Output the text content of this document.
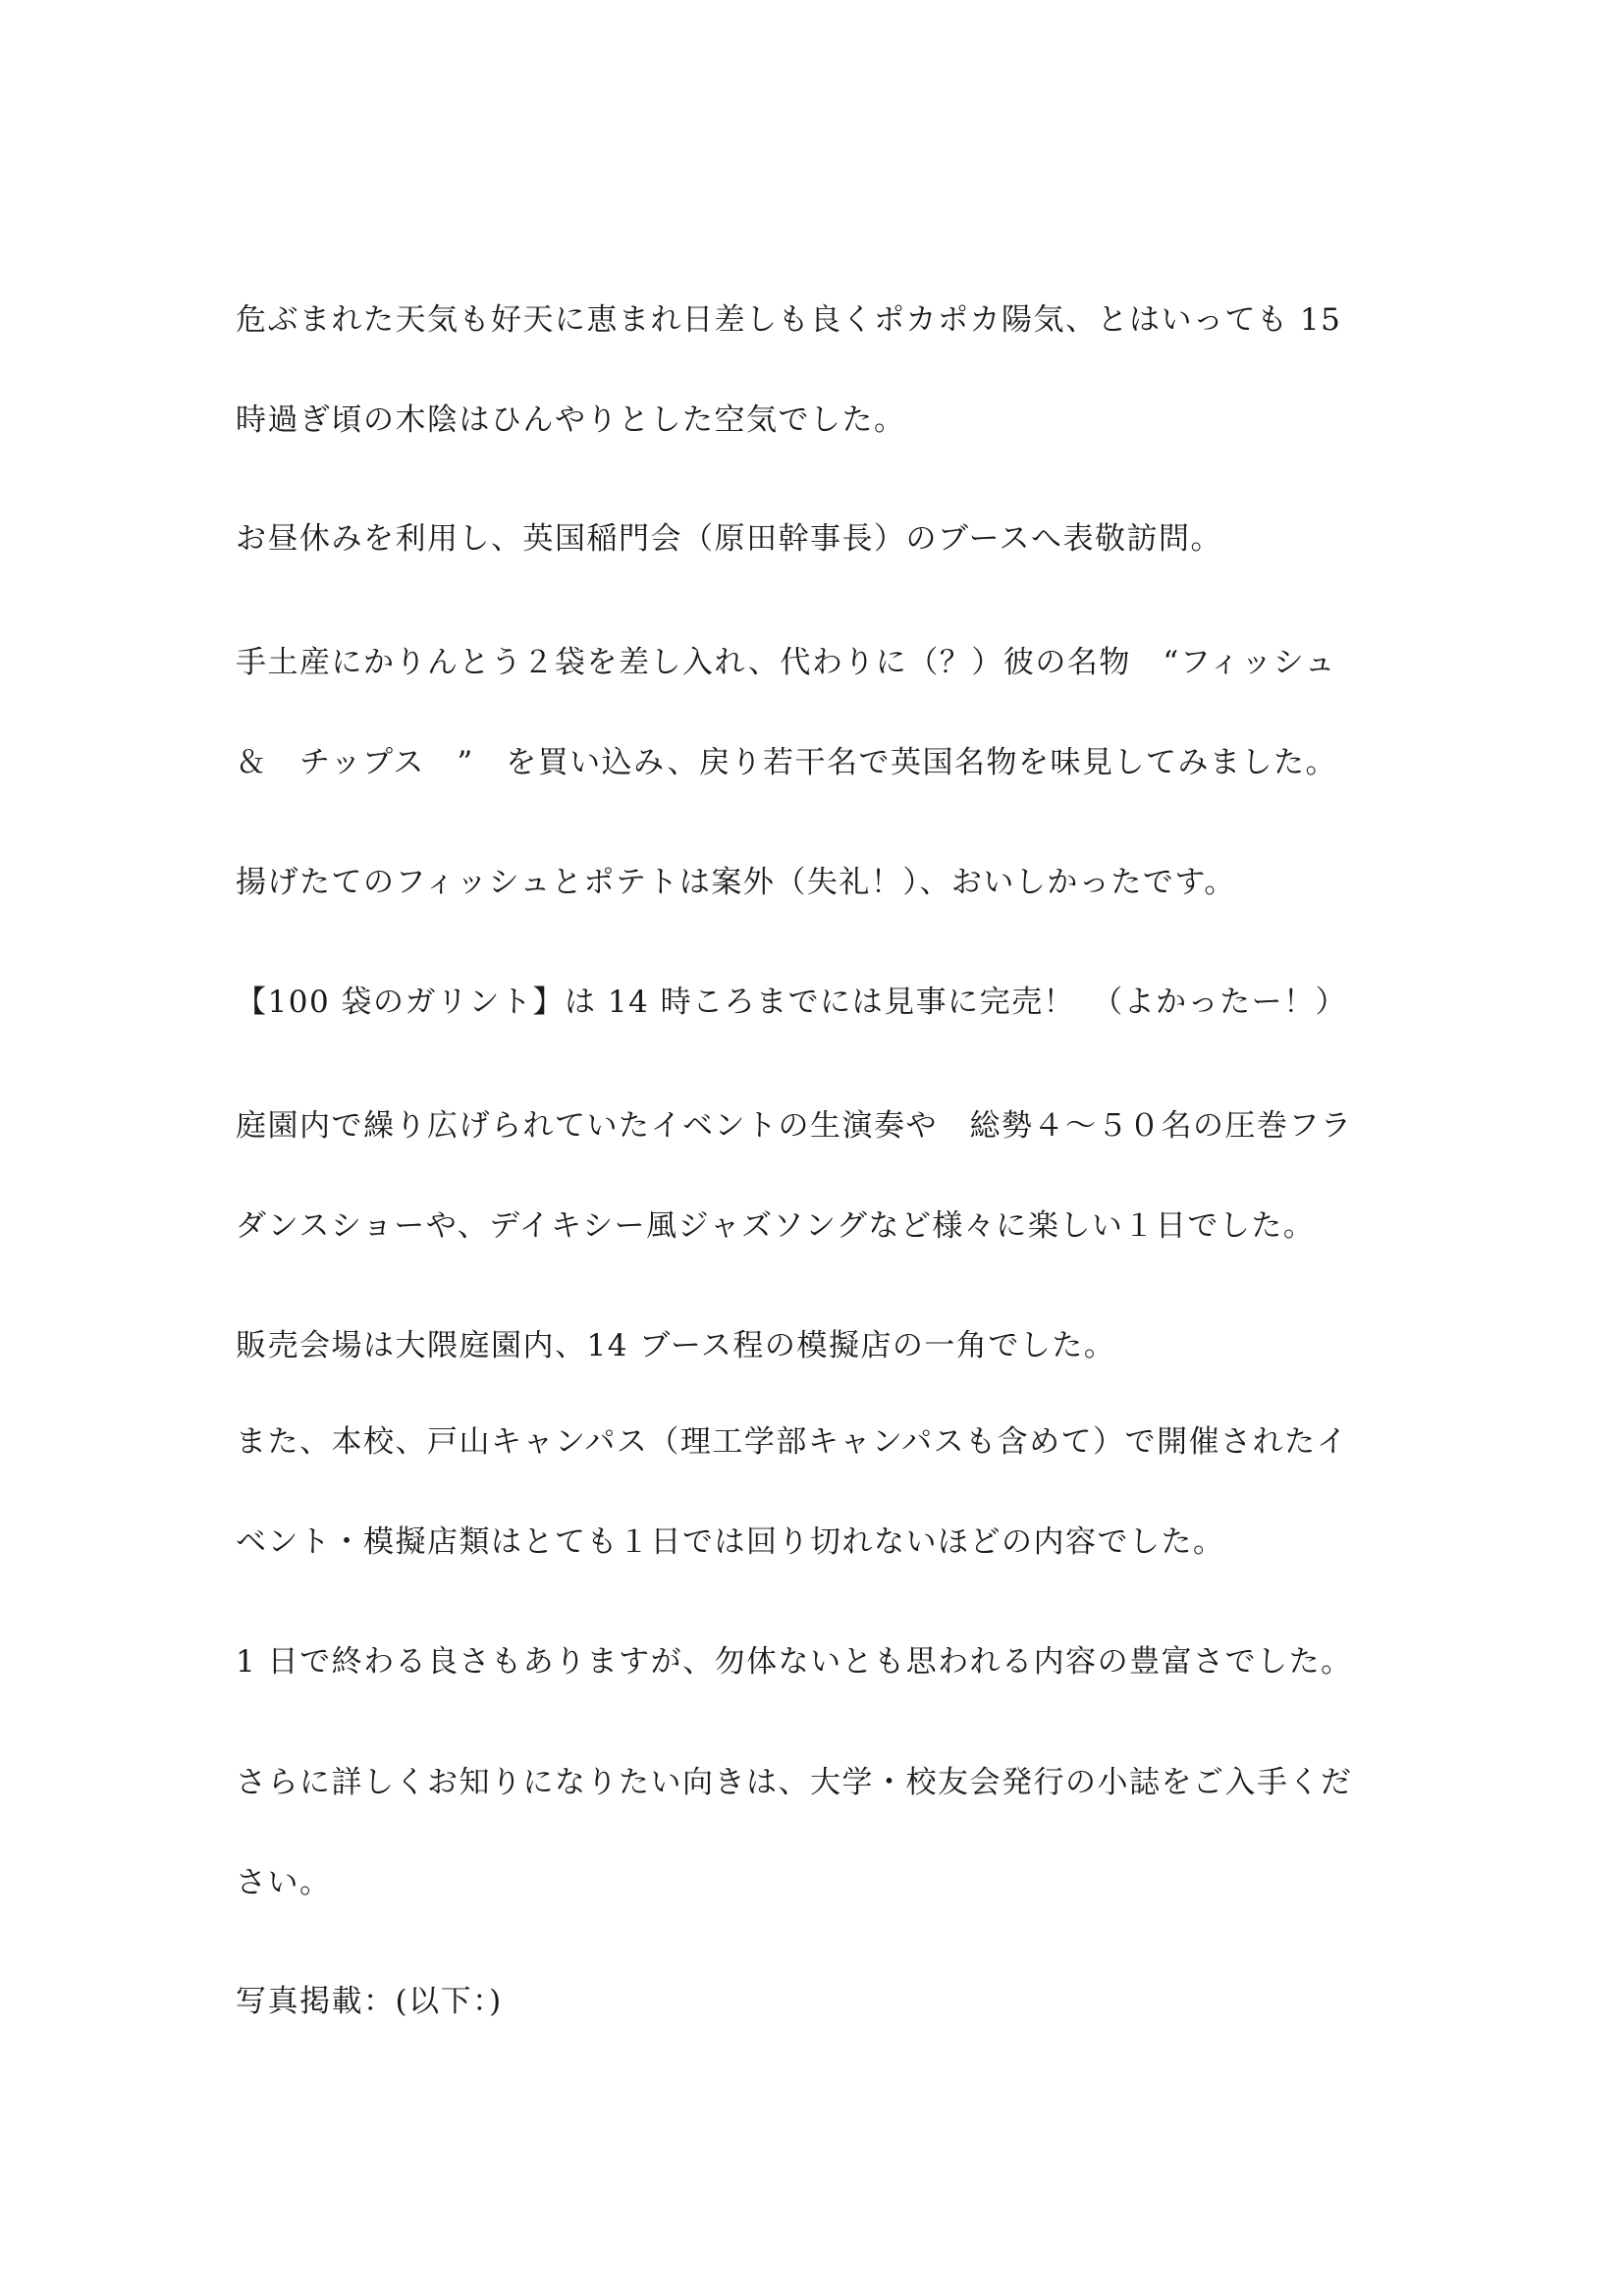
危ぶまれた天気も好天に恵まれ日差しも良くポカポカ陽気、とはいっても 15

時過ぎ頃の木陰はひんやりとした空気でした。

お昼休みを利用し、英国稲門会（原田幹事長）のブースへ表敬訪問。

手土産にかりんとう２袋を差し入れ、代わりに（？）彼の名物　“フィッシュ

＆　チップス　”　を買い込み、戻り若干名で英国名物を味見してみました。

揚げたてのフィッシュとポテトは案外（失礼！）、おいしかったです。

【100 袋のガリント】は 14 時ころまでには見事に完売！　（よかったー！）

庭園内で繰り広げられていたイベントの生演奏や　総勢４～５０名の圧巻フラ

ダンスショーや、デイキシー風ジャズソングなど様々に楽しい１日でした。

販売会場は大隈庭園内、14 ブース程の模擬店の一角でした。

また、本校、戸山キャンパス（理工学部キャンパスも含めて）で開催されたイ

ベント・模擬店類はとても１日では回り切れないほどの内容でした。

1 日で終わる良さもありますが、勿体ないとも思われる内容の豊富さでした。

さらに詳しくお知りになりたい向きは、大学・校友会発行の小誌をご入手くだ

さい。

写真掲載：(以下：)
